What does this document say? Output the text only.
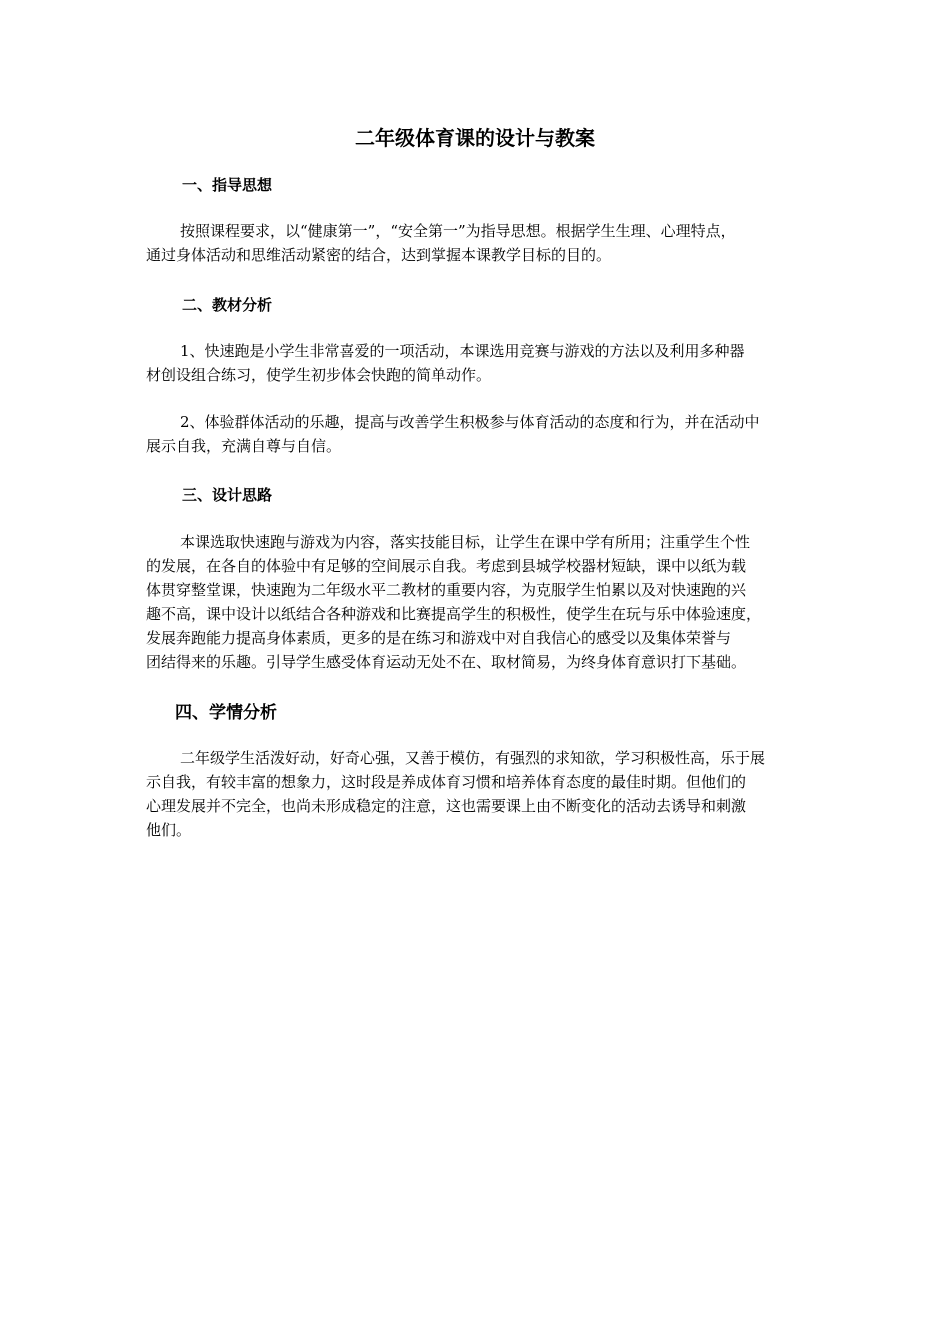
二年级体育课的设计与教案
一、指导思想

按照课程要求，以“健康第一”，“安全第一”为指导思想。根据学生生理、心理特点，
通过身体活动和思维活动紧密的结合，达到掌握本课教学目标的目的。

二、教材分析

1、快速跑是小学生非常喜爱的一项活动，本课选用竞赛与游戏的方法以及利用多种器
材创设组合练习，使学生初步体会快跑的简单动作。

2、体验群体活动的乐趣，提高与改善学生积极参与体育活动的态度和行为，并在活动中
展示自我，充满自尊与自信。

三、设计思路

本课选取快速跑与游戏为内容，落实技能目标，让学生在课中学有所用；注重学生个性
的发展，在各自的体验中有足够的空间展示自我。考虑到县城学校器材短缺，课中以纸为载
体贯穿整堂课，快速跑为二年级水平二教材的重要内容，为克服学生怕累以及对快速跑的兴
趣不高，课中设计以纸结合各种游戏和比赛提高学生的积极性，使学生在玩与乐中体验速度，
发展奔跑能力提高身体素质，更多的是在练习和游戏中对自我信心的感受以及集体荣誉与
团结得来的乐趣。引导学生感受体育运动无处不在、取材简易，为终身体育意识打下基础。

四、学情分析

二年级学生活泼好动，好奇心强，又善于模仿，有强烈的求知欲，学习积极性高，乐于展
示自我，有较丰富的想象力，这时段是养成体育习惯和培养体育态度的最佳时期。但他们的
心理发展并不完全，也尚未形成稳定的注意，这也需要课上由不断变化的活动去诱导和刺激
他们。
